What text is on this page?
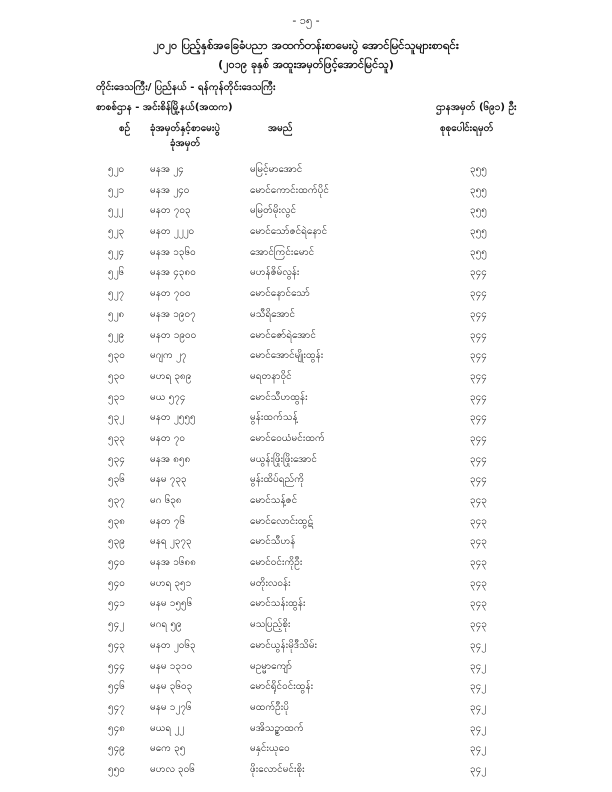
- ၁၅ -
၂၀၂၀ ပြည့်နှစ်အခြေခံပညာ အထက်တန်းစာမေးပွဲ အောင်မြင်သူများစာရင်း
(၂၀၁၉ ခုနှစ် အထူးအမှတ်ဖြင့်အောင်မြင်သူ)
တိုင်းဒေသကြီး/ ပြည်နယ် - ရန်ကုန်တိုင်းဒေသကြီး
စာစစ်ဌာန - အင်းစိန်မြို့နယ်(အထက)	ဌာနအမှတ် (၆၉၁) ဦး
စဉ် ခုံအမှတ်နှင့်စာမေးပွဲ
ခုံအမှတ်
အမည်	စုစုပေါင်းရမှတ်
၅၂၀	မနအ ၂၄	မမြင့်မာအောင်	၃၅၅
၅၂၁	မနအ ၂၄၀	မောင်ကောင်းထက်ပိုင်	၃၅၅
၅၂၂	မနတ ၇၀၃	မမြတ်မိုးလွင်	၃၅၅
၅၂၃	မနတ ၂၂၂၀	မောင်သော်ဇင်ရဲနောင်	၃၅၅
၅၂၄	မနအ ၁၃၆၀	အောင်ကြင်းမောင်	၃၅၅
၅၂၆	မနအ ၄၃၈၀	မဟန်ဇိမ်လွန်း	၃၄၄
၅၂၇	မနတ ၇၀၀	မောင်နောင်သော်	၃၄၄
၅၂၈	မနအ ၁၉၀၇	မသီရိအောင်	၃၄၄
၅၂၉	မနတ ၁၉၀၀	မောင်ဇော်ရဲအောင်	၃၄၄
၅၃၀	မဂျက ၂၇	မောင်အောင်မျိုးထွန်း	၃၄၄
၅၃၀	မဟရ ၃၈၉	မရတနာဝိုင်	၃၄၄
၅၃၁	မယ ၅၇၄	မောင်သီဟထွန်း	၃၄၄
၅၃၂	မနတ ၂၅၅၅	မွန်းထက်သန့်	၃၄၄
၅၃၃	မနတ ၇၀	မောင်ဝေယံမင်းထက်	၃၄၄
၅၃၄	မနအ ၈၅၈	မယွန်းဖြိုးဖြိုးအောင်	၃၄၄
၅၃၆	မနမ ၇၃၃	မွန်းထိပ်ရည်ကို	၃၄၄
၅၃၇	မဂ ၆၃၈	မောင်သန့်ဇင်	၃၄၃
၅၃၈	မနတ ၇၆	မောင်လောင်းထွဋ်	၃၄၃
၅၃၉	မနရ ၂၃၇၃	မောင်သီဟန်	၃၄၃
၅၄၀	မနအ ၁၆၈၈	မောင်ဝင်းကိုဦး	၃၄၃
၅၄၀	မဟရ ၃၅၁	မတိုးလဝန်း	၃၄၃
၅၄၁	မနမ ၁၅၅၆	မောင်သန်းထွန်း	၃၄၃
၅၄၂	မဂရ ၅၉	မသပြည့်စိုး	၃၄၃
၅၄၃	မနတ ၂၀၆၃	မောင်ယွန်းမိုဒီသိမ်း	၃၄၂
၅၄၄	မနမ ၁၃၁၀	မဥမ္မာကျော်	၃၄၂
၅၄၆	မနမ ၃၆၀၃	မောင်ရိုင်ဝင်းထွန်း	၃၄၂
၅၄၇	မနမ ၁၂၇၆	မထက်ဦးပို	၃၄၂
၅၄၈	မယရ ၂၂	မအိသဥ္စာထက်	၃၄၂
၅၄၉	မကေ ၃၅	မနှင်းယုဝေ	၃၄၂
၅၅၀	မဟလ ၃၀၆	ဖိုးလောင်မင်းစိုး	၃၄၂
